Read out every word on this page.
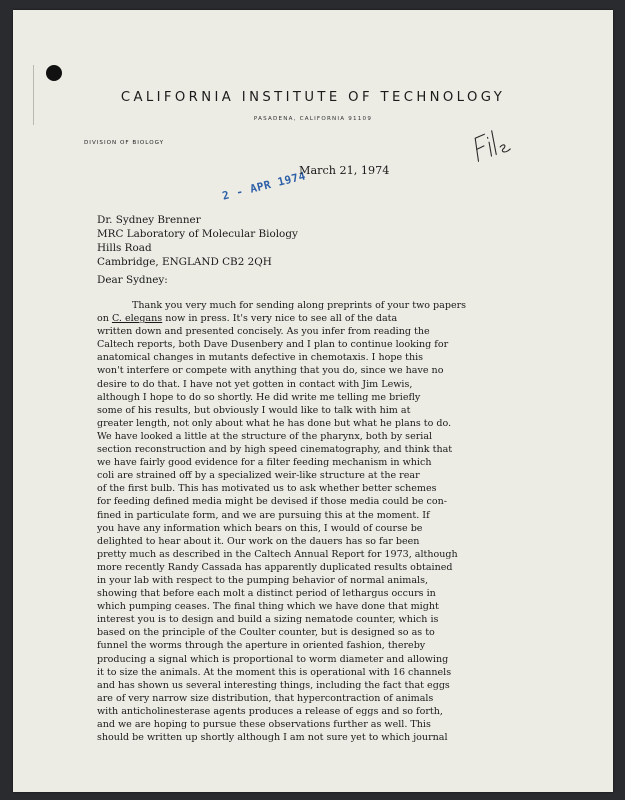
CALIFORNIA INSTITUTE OF TECHNOLOGY
PASADENA, CALIFORNIA 91109
DIVISION OF BIOLOGY
2 - APR 1974
March 21, 1974
Dr. Sydney Brenner
MRC Laboratory of Molecular Biology
Hills Road
Cambridge, ENGLAND CB2 2QH
Dear Sydney:
Thank you very much for sending along preprints of your two papers
on C. elegans now in press. It's very nice to see all of the data
written down and presented concisely. As you infer from reading the
Caltech reports, both Dave Dusenbery and I plan to continue looking for
anatomical changes in mutants defective in chemotaxis. I hope this
won't interfere or compete with anything that you do, since we have no
desire to do that. I have not yet gotten in contact with Jim Lewis,
although I hope to do so shortly. He did write me telling me briefly
some of his results, but obviously I would like to talk with him at
greater length, not only about what he has done but what he plans to do.
We have looked a little at the structure of the pharynx, both by serial
section reconstruction and by high speed cinematography, and think that
we have fairly good evidence for a filter feeding mechanism in which
coli are strained off by a specialized weir-like structure at the rear
of the first bulb. This has motivated us to ask whether better schemes
for feeding defined media might be devised if those media could be con-
fined in particulate form, and we are pursuing this at the moment. If
you have any information which bears on this, I would of course be
delighted to hear about it. Our work on the dauers has so far been
pretty much as described in the Caltech Annual Report for 1973, although
more recently Randy Cassada has apparently duplicated results obtained
in your lab with respect to the pumping behavior of normal animals,
showing that before each molt a distinct period of lethargus occurs in
which pumping ceases. The final thing which we have done that might
interest you is to design and build a sizing nematode counter, which is
based on the principle of the Coulter counter, but is designed so as to
funnel the worms through the aperture in oriented fashion, thereby
producing a signal which is proportional to worm diameter and allowing
it to size the animals. At the moment this is operational with 16 channels
and has shown us several interesting things, including the fact that eggs
are of very narrow size distribution, that hypercontraction of animals
with anticholinesterase agents produces a release of eggs and so forth,
and we are hoping to pursue these observations further as well. This
should be written up shortly although I am not sure yet to which journal
